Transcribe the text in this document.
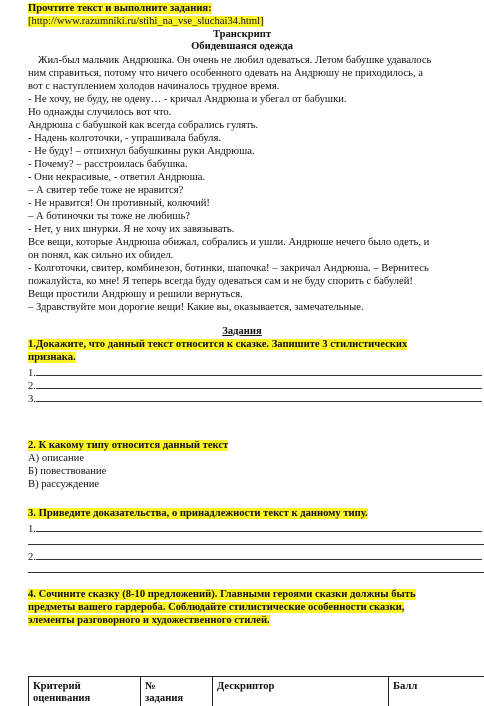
Прочтите текст и выполните задания:
[http://www.razumniki.ru/stihi_na_vse_sluchai34.html]
Транскрипт
Обидевшаяся одежда
Жил-был мальчик Андрюшка. Он очень не любил одеваться. Летом бабушке удавалось
ним справиться, потому что ничего особенного одевать на Андрюшу не приходилось, а
вот с наступлением холодов начиналось трудное время.
- Не хочу, не буду, не одену… - кричал Андрюша и убегал от бабушки.
Но однажды случилось вот что.
Андрюша с бабушкой как всегда собрались гулять.
- Надень колготочки, - упрашивала бабуля.
- Не буду! – отпихнул бабушкины руки Андрюша.
- Почему? – расстроилась бабушка.
- Они некрасивые, - ответил Андрюша.
– А свитер тебе тоже не нравится?
- Не нравится! Он противный, колючий!
– А ботиночки ты тоже не любишь?
- Нет, у них шнурки. Я не хочу их завязывать.
Все вещи, которые Андрюша обижал, собрались и ушли. Андрюше нечего было одеть, и
он понял, как сильно их обидел.
- Колготочки, свитер, комбинезон, ботинки, шапочка! – закричал Андрюша. – Вернитесь
пожалуйста, ко мне! Я теперь всегда буду одеваться сам и не буду спорить с бабулей!
Вещи простили Андрюшу и решили вернуться.
– Здравствуйте мои дорогие вещи! Какие вы, оказывается, замечательные.
Задания
1.Докажите, что данный текст относится к сказке. Запишите 3 стилистических
признака.
1.
2.
3.
2. К какому типу относится данный текст
А) описание
Б) повествование
В) рассуждение
3. Приведите доказательства, о принадлежности текст к данному типу.
1.
2.
4. Сочините сказку (8-10 предложений). Главными героями сказки должны быть
предметы вашего гардероба. Соблюдайте стилистические особенности сказки,
элементы разговорного и художественного стилей.
Критерий
оценивания
№
задания
Дескриптор	Балл
